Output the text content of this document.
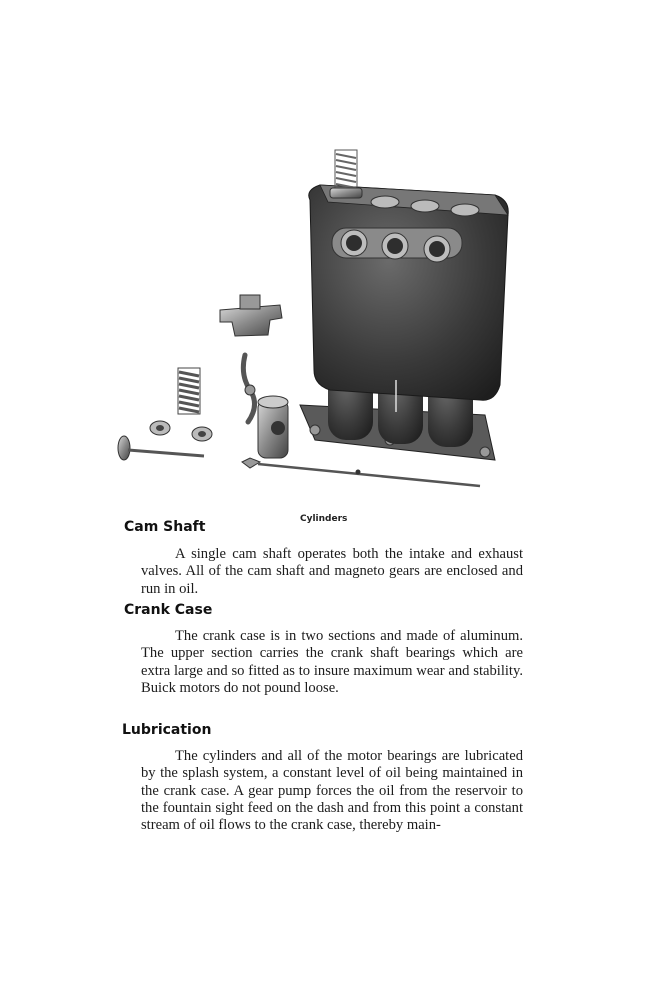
Cylinders
Cam Shaft
A single cam shaft operates both the intake and exhaust valves. All of the cam shaft and magneto gears are enclosed and run in oil.
Crank Case
The crank case is in two sections and made of aluminum. The upper section carries the crank shaft bearings which are extra large and so fitted as to insure maximum wear and stability. Buick motors do not pound loose.
Lubrication
The cylinders and all of the motor bearings are lubricated by the splash system, a constant level of oil being maintained in the crank case. A gear pump forces the oil from the reservoir to the fountain sight feed on the dash and from this point a constant stream of oil flows to the crank case, thereby main-
